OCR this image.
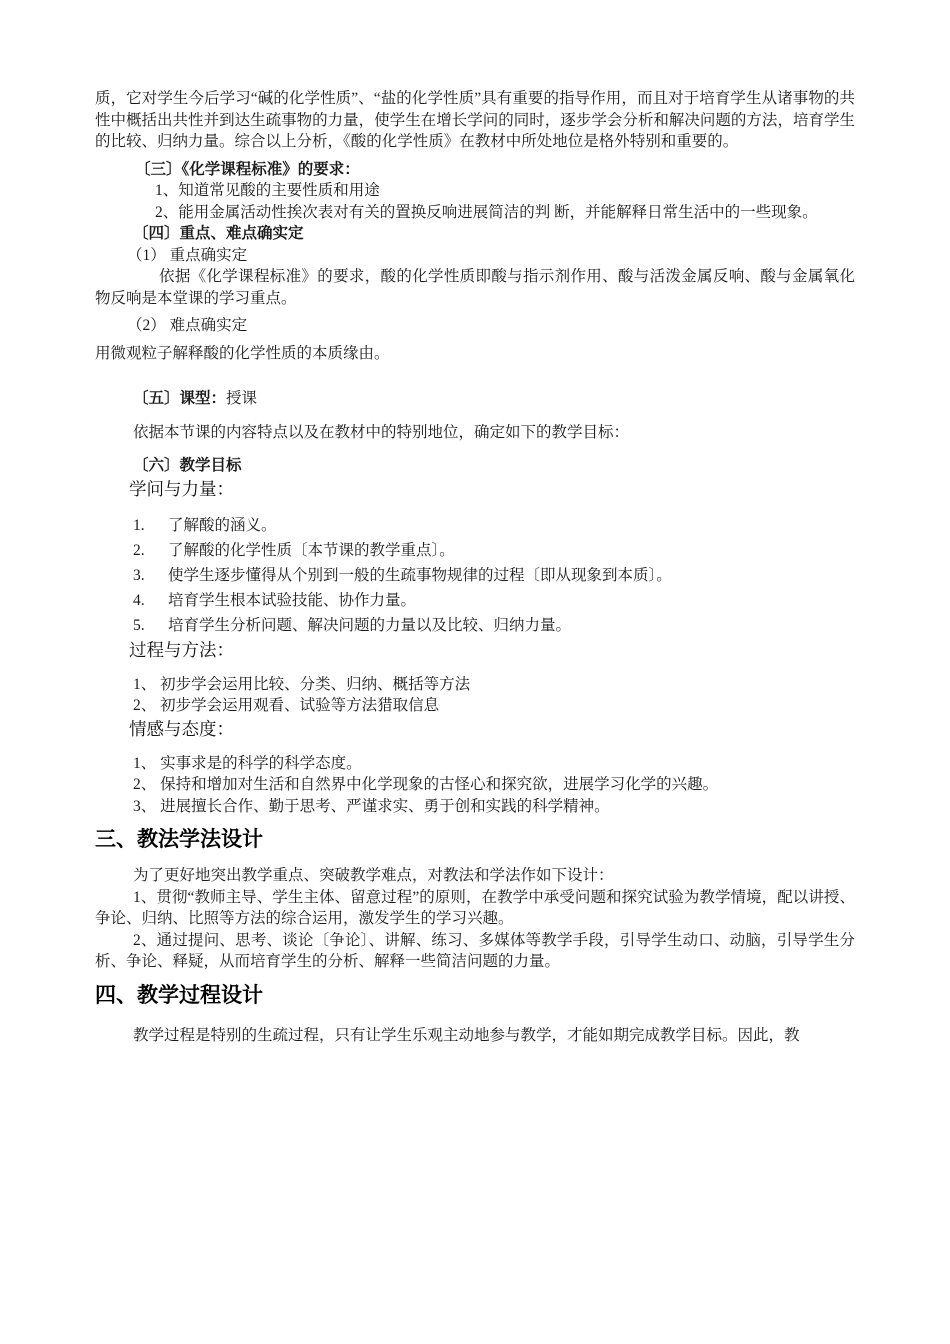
质，它对学生今后学习“碱的化学性质”、“盐的化学性质”具有重要的指导作用，而且对于培育学生从诸事物的共性中概括出共性并到达生疏事物的力量，使学生在增长学问的同时，逐步学会分析和解决问题的方法，培育学生的比较、归纳力量。综合以上分析，《酸的化学性质》在教材中所处地位是格外特别和重要的。

〔三〕《化学课程标准》的要求：

1、知道常见酸的主要性质和用途

2、能用金属活动性挨次表对有关的置换反响进展简洁的判 断，并能解释日常生活中的一些现象。

〔四〕重点、难点确实定

（1） 重点确实定

依据《化学课程标准》的要求，酸的化学性质即酸与指示剂作用、酸与活泼金属反响、酸与金属氧化物反响是本堂课的学习重点。

（2） 难点确实定

用微观粒子解释酸的化学性质的本质缘由。

〔五〕课型：授课

依据本节课的内容特点以及在教材中的特别地位，确定如下的教学目标：

〔六〕教学目标

学问与力量：

1.	了解酸的涵义。
2.	了解酸的化学性质〔本节课的教学重点〕。
3.	使学生逐步懂得从个别到一般的生疏事物规律的过程〔即从现象到本质〕。
4.	培育学生根本试验技能、协作力量。
5.	培育学生分析问题、解决问题的力量以及比较、归纳力量。

过程与方法：

1、 初步学会运用比较、分类、归纳、概括等方法

2、 初步学会运用观看、试验等方法猎取信息

情感与态度：

1、 实事求是的科学的科学态度。

2、 保持和增加对生活和自然界中化学现象的古怪心和探究欲，进展学习化学的兴趣。

3、 进展擅长合作、勤于思考、严谨求实、勇于创和实践的科学精神。

三、教法学法设计

为了更好地突出教学重点、突破教学难点，对教法和学法作如下设计：

1、贯彻“教师主导、学生主体、留意过程”的原则，在教学中承受问题和探究试验为教学情境，配以讲授、争论、归纳、比照等方法的综合运用，激发学生的学习兴趣。

2、通过提问、思考、谈论〔争论〕、讲解、练习、多媒体等教学手段，引导学生动口、动脑，引导学生分析、争论、释疑，从而培育学生的分析、解释一些简洁问题的力量。

四、教学过程设计

教学过程是特别的生疏过程，只有让学生乐观主动地参与教学，才能如期完成教学目标。因此，教
